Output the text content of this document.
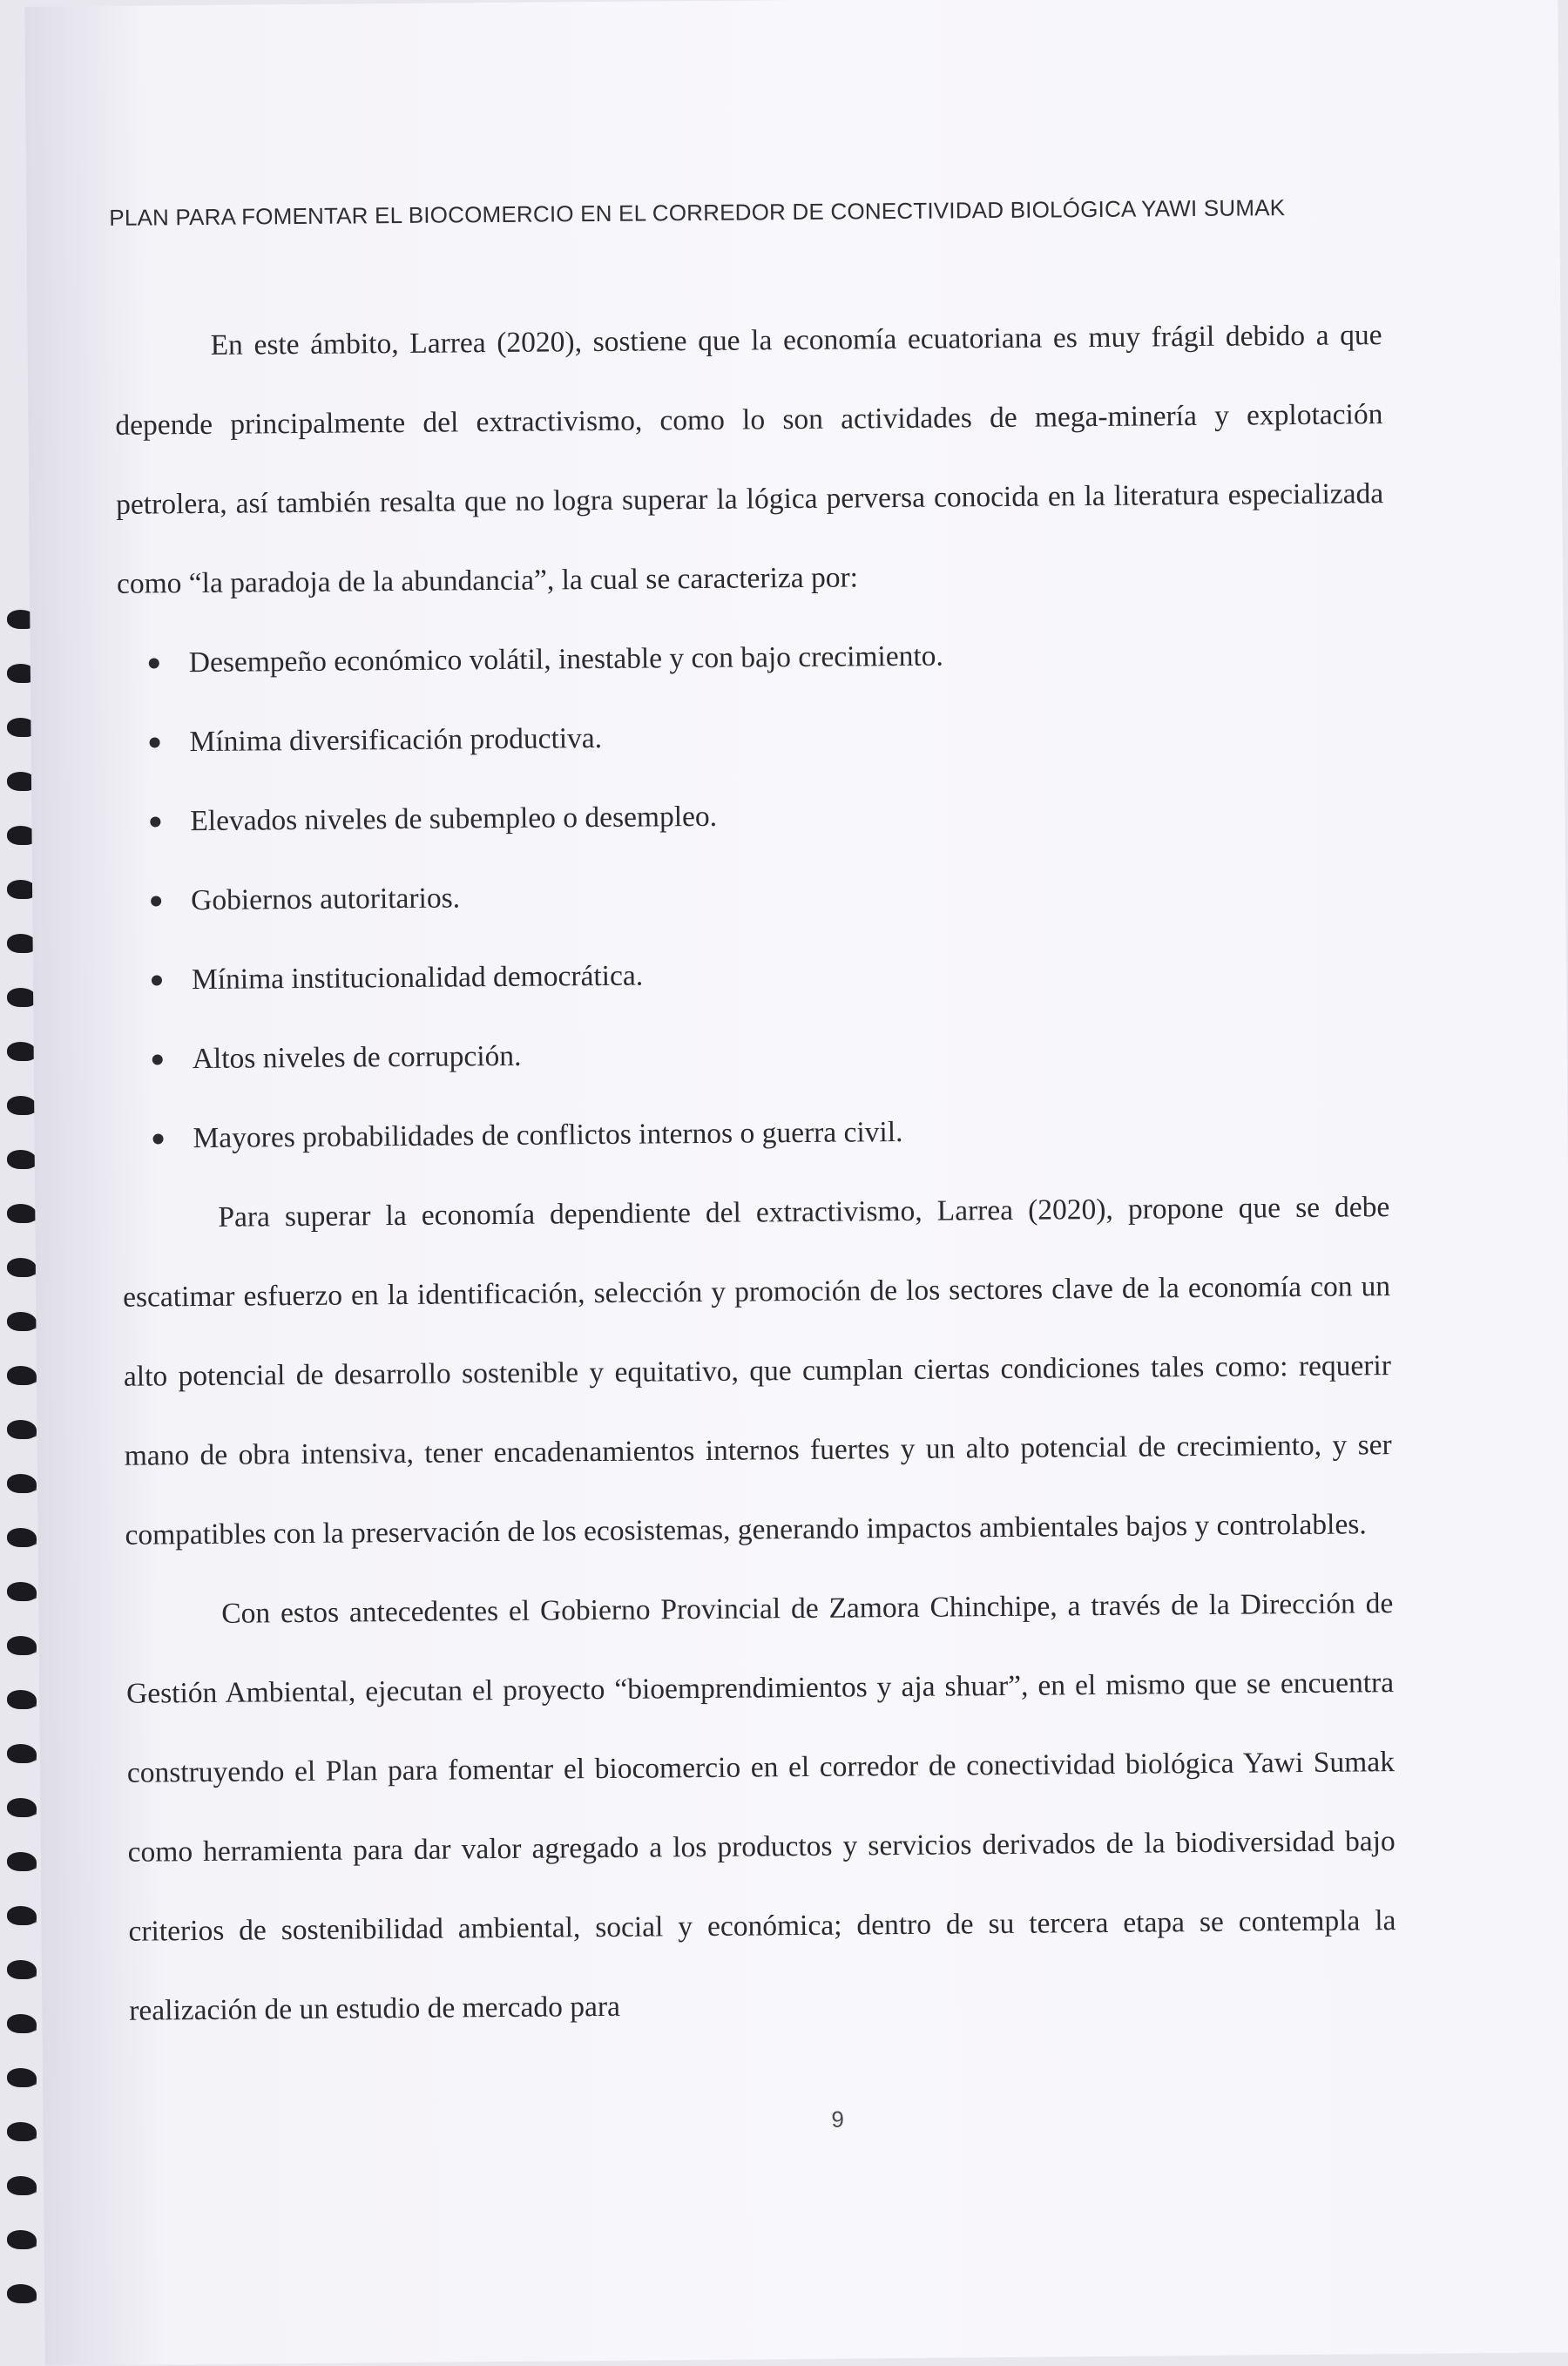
PLAN PARA FOMENTAR EL BIOCOMERCIO EN EL CORREDOR DE CONECTIVIDAD BIOLÓGICA YAWI SUMAK

En este ámbito, Larrea (2020), sostiene que la economía ecuatoriana es muy frágil debido a que depende principalmente del extractivismo, como lo son actividades de mega-minería y explotación petrolera, así también resalta que no logra superar la lógica perversa conocida en la literatura especializada como “la paradoja de la abundancia”, la cual se caracteriza por:

Desempeño económico volátil, inestable y con bajo crecimiento.
Mínima diversificación productiva.
Elevados niveles de subempleo o desempleo.
Gobiernos autoritarios.
Mínima institucionalidad democrática.
Altos niveles de corrupción.
Mayores probabilidades de conflictos internos o guerra civil.

Para superar la economía dependiente del extractivismo, Larrea (2020), propone que se debe escatimar esfuerzo en la identificación, selección y promoción de los sectores clave de la economía con un alto potencial de desarrollo sostenible y equitativo, que cumplan ciertas condiciones tales como: requerir mano de obra intensiva, tener encadenamientos internos fuertes y un alto potencial de crecimiento, y ser compatibles con la preservación de los ecosistemas, generando impactos ambientales bajos y controlables.

Con estos antecedentes el Gobierno Provincial de Zamora Chinchipe, a través de la Dirección de Gestión Ambiental, ejecutan el proyecto “bioemprendimientos y aja shuar”, en el mismo que se encuentra construyendo el Plan para fomentar el biocomercio en el corredor de conectividad biológica Yawi Sumak como herramienta para dar valor agregado a los productos y servicios derivados de la biodiversidad bajo criterios de sostenibilidad ambiental, social y económica; dentro de su tercera etapa se contempla la realización de un estudio de mercado para

9
